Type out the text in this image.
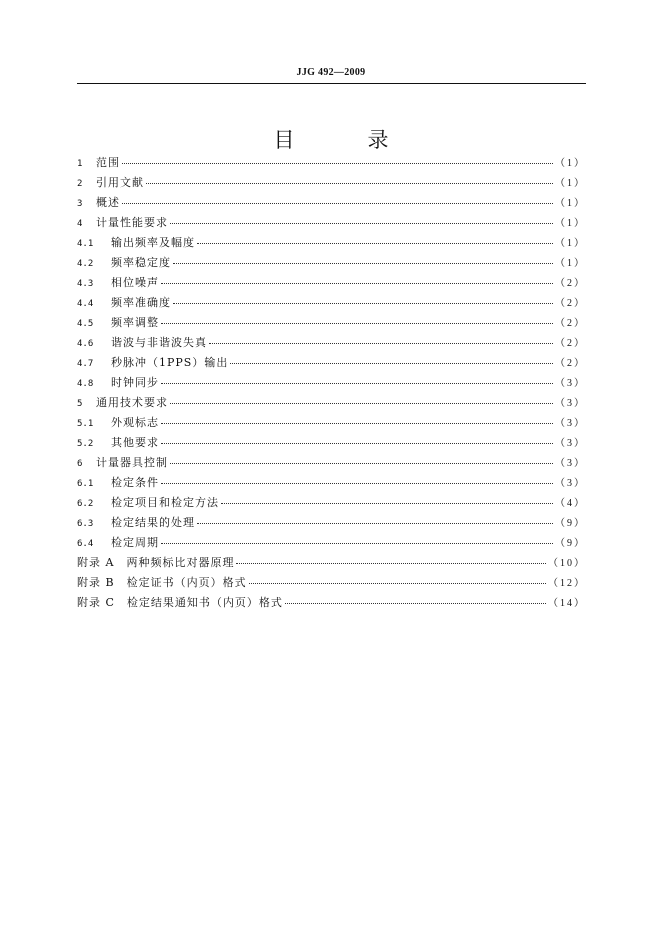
JJG 492—2009
目　录
1	范围	（1）
2	引用文献	（1）
3	概述	（1）
4	计量性能要求	（1）
4.1	输出频率及幅度	（1）
4.2	频率稳定度	（1）
4.3	相位噪声	（2）
4.4	频率准确度	（2）
4.5	频率调整	（2）
4.6	谐波与非谐波失真	（2）
4.7	秒脉冲（1PPS）输出	（2）
4.8	时钟同步	（3）
5	通用技术要求	（3）
5.1	外观标志	（3）
5.2	其他要求	（3）
6	计量器具控制	（3）
6.1	检定条件	（3）
6.2	检定项目和检定方法	（4）
6.3	检定结果的处理	（9）
6.4	检定周期	（9）
附录 A　两种频标比对器原理	（10）
附录 B　检定证书（内页）格式	（12）
附录 C　检定结果通知书（内页）格式	（14）
